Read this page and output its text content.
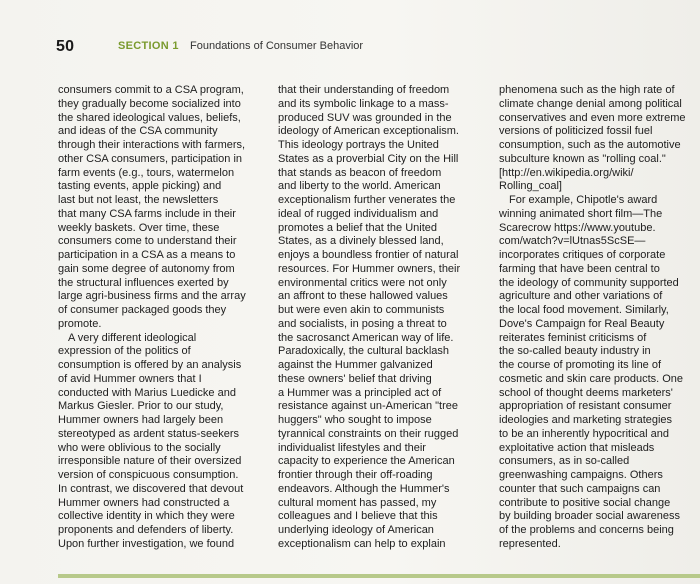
50	SECTION 1 Foundations of Consumer Behavior

consumers commit to a CSA program,

they gradually become socialized into

the shared ideological values, beliefs,

and ideas of the CSA community

through their interactions with farmers,

other CSA consumers, participation in

farm events (e.g., tours, watermelon

tasting events, apple picking) and

last but not least, the newsletters

that many CSA farms include in their

weekly baskets. Over time, these

consumers come to understand their

participation in a CSA as a means to

gain some degree of autonomy from

the structural influences exerted by

large agri-business firms and the array

of consumer packaged goods they

promote.

A very different ideological

expression of the politics of

consumption is offered by an analysis

of avid Hummer owners that I

conducted with Marius Luedicke and

Markus Giesler. Prior to our study,

Hummer owners had largely been

stereotyped as ardent status-seekers

who were oblivious to the socially

irresponsible nature of their oversized

version of conspicuous consumption.

In contrast, we discovered that devout

Hummer owners had constructed a

collective identity in which they were

proponents and defenders of liberty.

Upon further investigation, we found

that their understanding of freedom

and its symbolic linkage to a mass-

produced SUV was grounded in the

ideology of American exceptionalism.

This ideology portrays the United

States as a proverbial City on the Hill

that stands as beacon of freedom

and liberty to the world. American

exceptionalism further venerates the

ideal of rugged individualism and

promotes a belief that the United

States, as a divinely blessed land,

enjoys a boundless frontier of natural

resources. For Hummer owners, their

environmental critics were not only

an affront to these hallowed values

but were even akin to communists

and socialists, in posing a threat to

the sacrosanct American way of life.

Paradoxically, the cultural backlash

against the Hummer galvanized

these owners' belief that driving

a Hummer was a principled act of

resistance against un-American "tree

huggers" who sought to impose

tyrannical constraints on their rugged

individualist lifestyles and their

capacity to experience the American

frontier through their off-roading

endeavors. Although the Hummer's

cultural moment has passed, my

colleagues and I believe that this

underlying ideology of American

exceptionalism can help to explain

phenomena such as the high rate of

climate change denial among political

conservatives and even more extreme

versions of politicized fossil fuel

consumption, such as the automotive

subculture known as "rolling coal."

[http://en.wikipedia.org/wiki/

Rolling_coal]

For example, Chipotle's award

winning animated short film—The

Scarecrow https://www.youtube.

com/watch?v=lUtnas5ScSE—

incorporates critiques of corporate

farming that have been central to

the ideology of community supported

agriculture and other variations of

the local food movement. Similarly,

Dove's Campaign for Real Beauty

reiterates feminist criticisms of

the so-called beauty industry in

the course of promoting its line of

cosmetic and skin care products. One

school of thought deems marketers'

appropriation of resistant consumer

ideologies and marketing strategies

to be an inherently hypocritical and

exploitative action that misleads

consumers, as in so-called

greenwashing campaigns. Others

counter that such campaigns can

contribute to positive social change

by building broader social awareness

of the problems and concerns being

represented.
